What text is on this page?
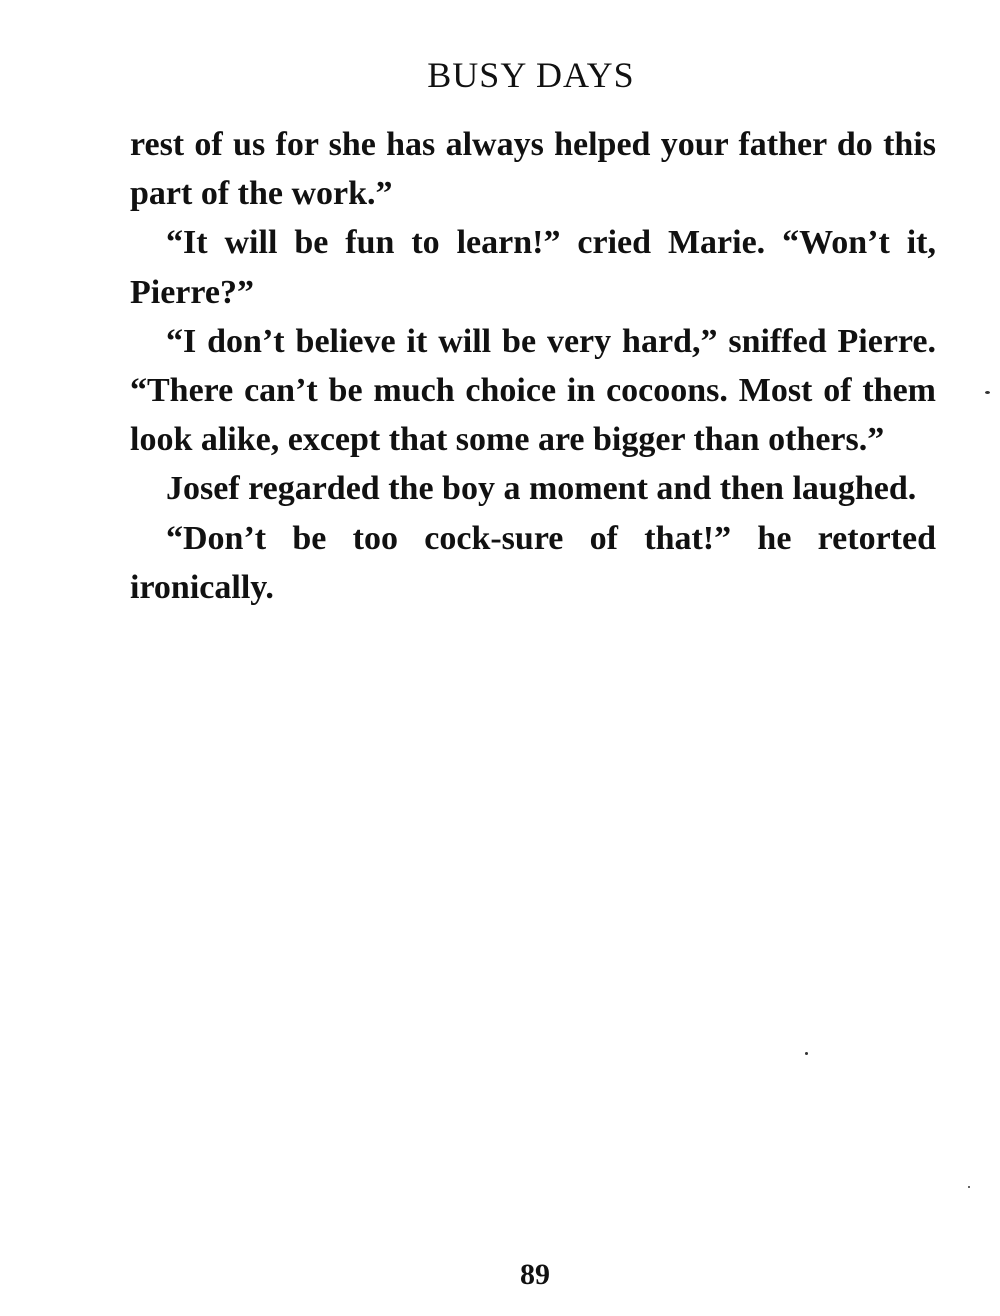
BUSY DAYS

rest of us for she has always helped your father do this part of the work.”

“It will be fun to learn!” cried Marie. “Won’t it, Pierre?”

“I don’t believe it will be very hard,” sniffed Pierre. “There can’t be much choice in cocoons. Most of them look alike, except that some are bigger than others.”

Josef regarded the boy a moment and then laughed.

“Don’t be too cock-sure of that!” he retorted ironically.

89
